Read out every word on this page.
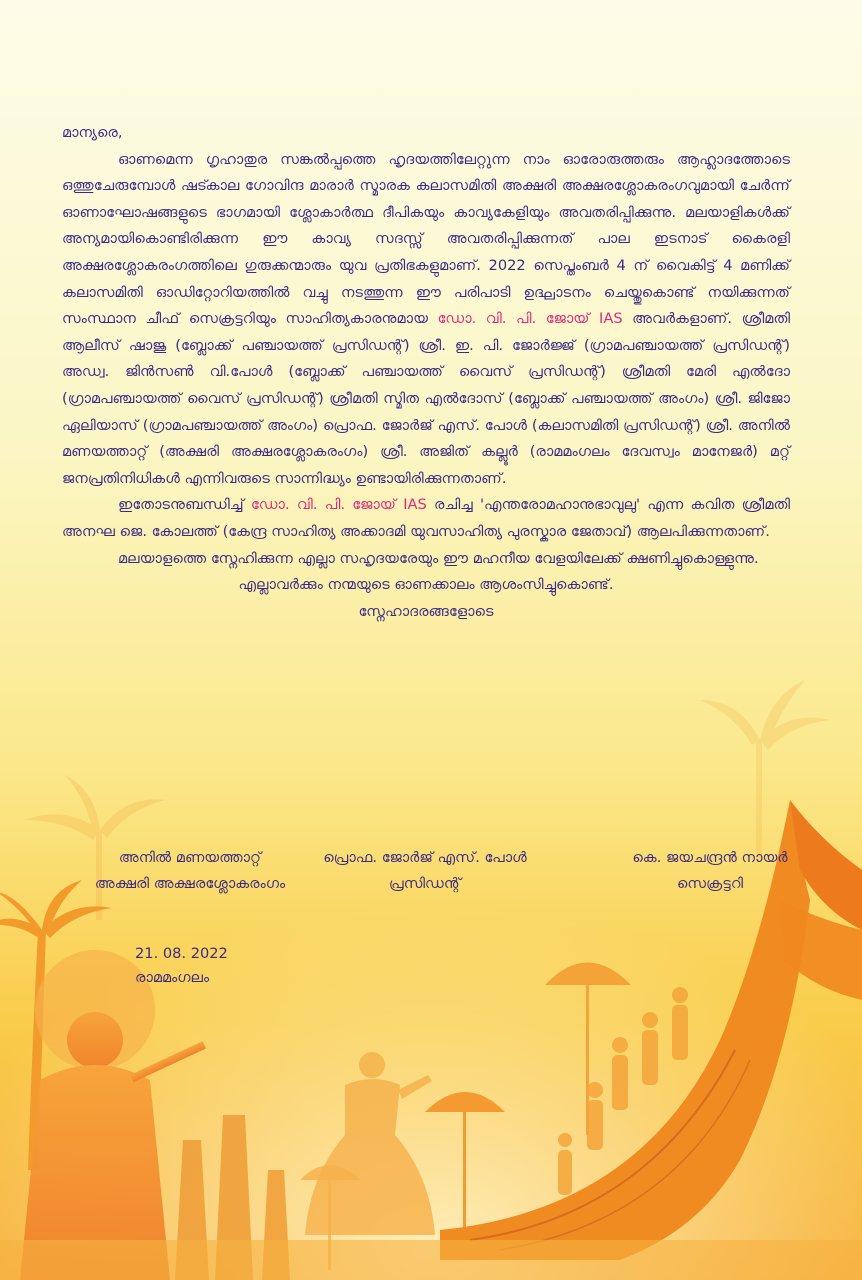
മാന്യരെ,

ഓണമെന്ന ഗൃഹാതുര സങ്കൽപ്പത്തെ ഹൃദയത്തിലേറ്റുന്ന നാം ഓരോരുത്തരും ആഹ്ലാദത്തോടെ ഒത്തുചേരുമ്പോൾ ഷട്കാല ഗോവിന്ദ മാരാർ സ്മാരക കലാസമിതി അക്ഷരി അക്ഷരശ്ലോകരംഗവുമായി ചേർന്ന് ഓണാഘോഷങ്ങളുടെ ഭാഗമായി ശ്ലോകാർത്ഥ ദീപികയും കാവ്യകേളിയും അവതരിപ്പിക്കുന്നു. മലയാളികൾക്ക് അന്യമായികൊണ്ടിരിക്കുന്ന ഈ കാവ്യ സദസ്സ് അവതരിപ്പിക്കുന്നത് പാല ഇടനാട് കൈരളി അക്ഷരശ്ലോകരംഗത്തിലെ ഗുരുക്കന്മാരും യുവ പ്രതിഭകളുമാണ്. 2022 സെപ്തംബർ 4 ന് വൈകിട്ട് 4 മണിക്ക് കലാസമിതി ഓഡിറ്റോറിയത്തിൽ വച്ചു നടത്തുന്ന ഈ പരിപാടി ഉദ്ഘാടനം ചെയ്തുകൊണ്ട് നയിക്കുന്നത് സംസ്ഥാന ചീഫ് സെക്രട്ടറിയും സാഹിത്യകാരനുമായ ഡോ. വി. പി. ജോയ് IAS അവർകളാണ്. ശ്രീമതി ആലീസ് ഷാജു (ബ്ലോക്ക് പഞ്ചായത്ത് പ്രസിഡന്റ്) ശ്രീ. ഇ. പി. ജോർജ്ജ് (ഗ്രാമപഞ്ചായത്ത് പ്രസിഡന്റ്) അഡ്വ. ജിൻസൺ വി.പോൾ (ബ്ലോക്ക് പഞ്ചായത്ത് വൈസ് പ്രസിഡന്റ്) ശ്രീമതി മേരി എൽദോ (ഗ്രാമപഞ്ചായത്ത് വൈസ് പ്രസിഡന്റ്) ശ്രീമതി സ്മിത എൽദോസ് (ബ്ലോക്ക് പഞ്ചായത്ത് അംഗം) ശ്രീ. ജിജോ ഏലിയാസ് (ഗ്രാമപഞ്ചായത്ത് അംഗം) പ്രൊഫ. ജോർജ് എസ്. പോൾ (കലാസമിതി പ്രസിഡന്റ്) ശ്രീ. അനിൽ മണയത്താറ്റ് (അക്ഷരി അക്ഷരശ്ലോകരംഗം) ശ്രീ. അജിത് കല്ലൂർ (രാമമംഗലം ദേവസ്വം മാനേജർ) മറ്റ് ജനപ്രതിനിധികൾ എന്നിവരുടെ സാന്നിദ്ധ്യം ഉണ്ടായിരിക്കുന്നതാണ്.

ഇതോടനുബന്ധിച്ച് ഡോ. വി. പി. ജോയ് IAS രചിച്ച 'എന്തരോമഹാനുഭാവുലു' എന്ന കവിത ശ്രീമതി അനഘ ജെ. കോലത്ത് (കേന്ദ്ര സാഹിത്യ അക്കാദമി യുവസാഹിത്യ പുരസ്കാര ജേതാവ്) ആലപിക്കുന്നതാണ്.

മലയാളത്തെ സ്നേഹിക്കുന്ന എല്ലാ സഹൃദയരേയും ഈ മഹനീയ വേളയിലേക്ക് ക്ഷണിച്ചുകൊള്ളുന്നു.

എല്ലാവർക്കും നന്മയുടെ ഓണക്കാലം ആശംസിച്ചുകൊണ്ട്.

സ്നേഹാദരങ്ങളോടെ

അനിൽ മണയത്താറ്റ്
അക്ഷരി അക്ഷരശ്ലോകരംഗം
പ്രൊഫ. ജോർജ് എസ്. പോൾ
പ്രസിഡന്റ്
കെ. ജയചന്ദ്രൻ നായർ
സെക്രട്ടറി
21. 08. 2022
രാമമംഗലം
